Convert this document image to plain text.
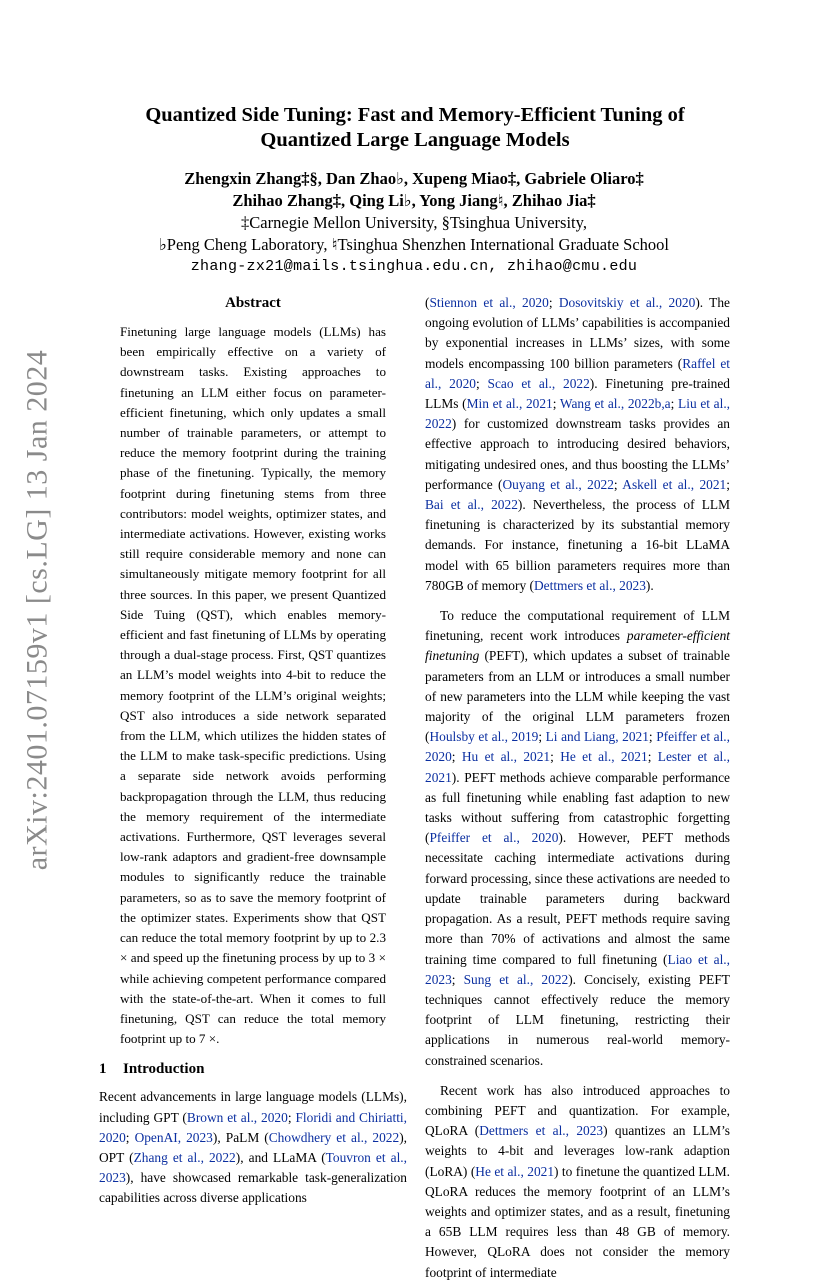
arXiv:2401.07159v1 [cs.LG] 13 Jan 2024
Quantized Side Tuning: Fast and Memory-Efficient Tuning of
Quantized Large Language Models
Zhengxin Zhang‡§, Dan Zhao♭, Xupeng Miao‡, Gabriele Oliaro‡
Zhihao Zhang‡, Qing Li♭, Yong Jiang♮, Zhihao Jia‡
‡Carnegie Mellon University, §Tsinghua University,
♭Peng Cheng Laboratory, ♮Tsinghua Shenzhen International Graduate School
zhang-zx21@mails.tsinghua.edu.cn, zhihao@cmu.edu
Abstract

Finetuning large language models (LLMs) has been empirically effective on a variety of downstream tasks. Existing approaches to finetuning an LLM either focus on parameter-efficient finetuning, which only updates a small number of trainable parameters, or attempt to reduce the memory footprint during the training phase of the finetuning. Typically, the memory footprint during finetuning stems from three contributors: model weights, optimizer states, and intermediate activations. However, existing works still require considerable memory and none can simultaneously mitigate memory footprint for all three sources. In this paper, we present Quantized Side Tuing (QST), which enables memory-efficient and fast finetuning of LLMs by operating through a dual-stage process. First, QST quantizes an LLM’s model weights into 4-bit to reduce the memory footprint of the LLM’s original weights; QST also introduces a side network separated from the LLM, which utilizes the hidden states of the LLM to make task-specific predictions. Using a separate side network avoids performing backpropagation through the LLM, thus reducing the memory requirement of the intermediate activations. Furthermore, QST leverages several low-rank adaptors and gradient-free downsample modules to significantly reduce the trainable parameters, so as to save the memory footprint of the optimizer states. Experiments show that QST can reduce the total memory footprint by up to 2.3 × and speed up the finetuning process by up to 3 × while achieving competent performance compared with the state-of-the-art. When it comes to full finetuning, QST can reduce the total memory footprint up to 7 ×.

1 Introduction

Recent advancements in large language models (LLMs), including GPT (Brown et al., 2020; Floridi and Chiriatti, 2020; OpenAI, 2023), PaLM (Chowdhery et al., 2022), OPT (Zhang et al., 2022), and LLaMA (Touvron et al., 2023), have showcased remarkable task-generalization capabilities across diverse applications

(Stiennon et al., 2020; Dosovitskiy et al., 2020). The ongoing evolution of LLMs’ capabilities is accompanied by exponential increases in LLMs’ sizes, with some models encompassing 100 billion parameters (Raffel et al., 2020; Scao et al., 2022). Finetuning pre-trained LLMs (Min et al., 2021; Wang et al., 2022b,a; Liu et al., 2022) for customized downstream tasks provides an effective approach to introducing desired behaviors, mitigating undesired ones, and thus boosting the LLMs’ performance (Ouyang et al., 2022; Askell et al., 2021; Bai et al., 2022). Nevertheless, the process of LLM finetuning is characterized by its substantial memory demands. For instance, finetuning a 16-bit LLaMA model with 65 billion parameters requires more than 780GB of memory (Dettmers et al., 2023).

To reduce the computational requirement of LLM finetuning, recent work introduces parameter-efficient finetuning (PEFT), which updates a subset of trainable parameters from an LLM or introduces a small number of new parameters into the LLM while keeping the vast majority of the original LLM parameters frozen (Houlsby et al., 2019; Li and Liang, 2021; Pfeiffer et al., 2020; Hu et al., 2021; He et al., 2021; Lester et al., 2021). PEFT methods achieve comparable performance as full finetuning while enabling fast adaption to new tasks without suffering from catastrophic forgetting (Pfeiffer et al., 2020). However, PEFT methods necessitate caching intermediate activations during forward processing, since these activations are needed to update trainable parameters during backward propagation. As a result, PEFT methods require saving more than 70% of activations and almost the same training time compared to full finetuning (Liao et al., 2023; Sung et al., 2022). Concisely, existing PEFT techniques cannot effectively reduce the memory footprint of LLM finetuning, restricting their applications in numerous real-world memory-constrained scenarios.

Recent work has also introduced approaches to combining PEFT and quantization. For example, QLoRA (Dettmers et al., 2023) quantizes an LLM’s weights to 4-bit and leverages low-rank adaption (LoRA) (He et al., 2021) to finetune the quantized LLM. QLoRA reduces the memory footprint of an LLM’s weights and optimizer states, and as a result, finetuning a 65B LLM requires less than 48 GB of memory. However, QLoRA does not consider the memory footprint of intermediate
